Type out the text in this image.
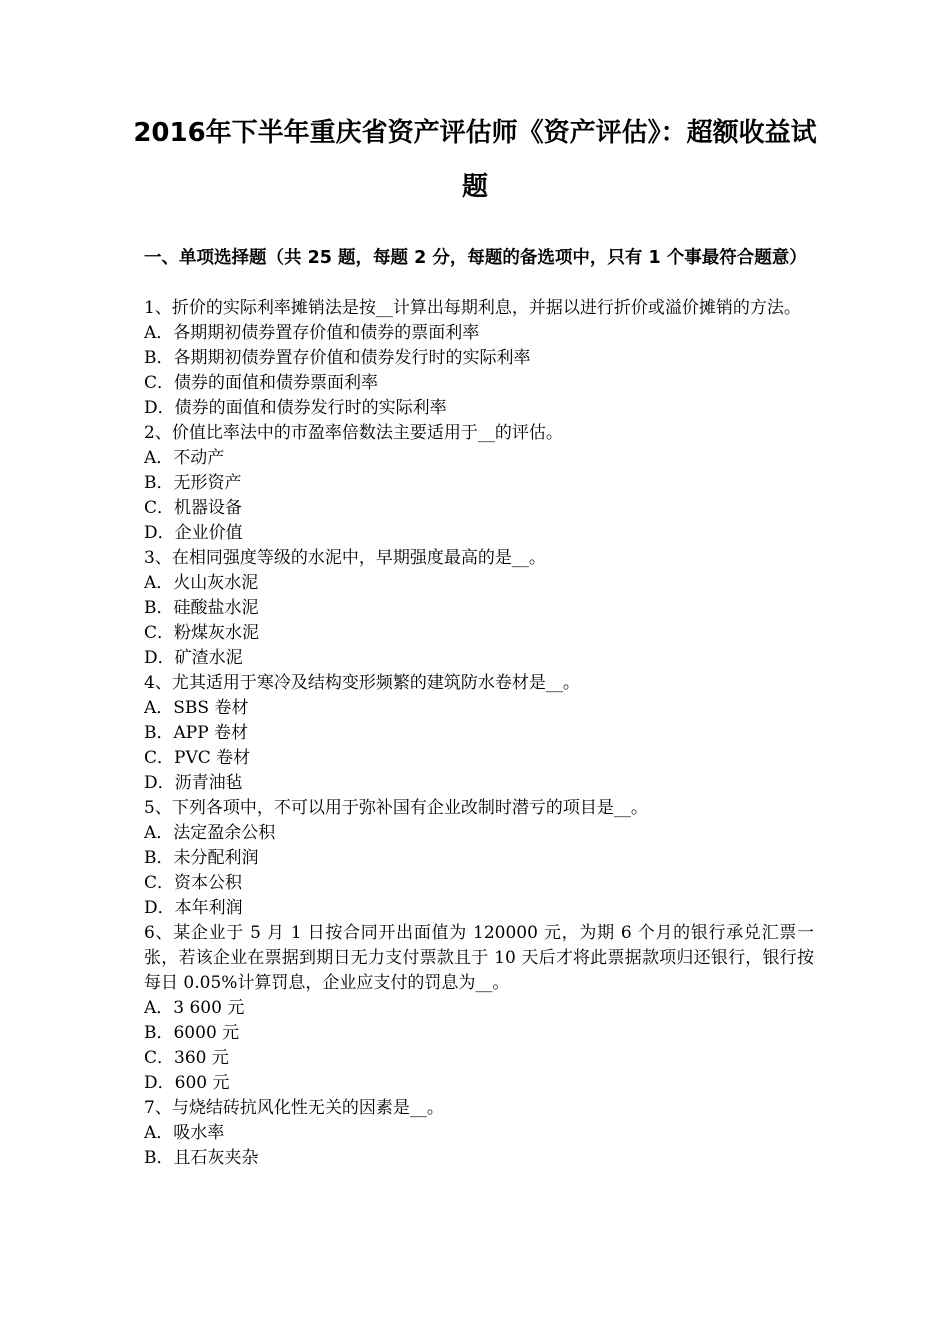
2016年下半年重庆省资产评估师《资产评估》：超额收益试
题
一、单项选择题（共 25 题，每题 2 分，每题的备选项中，只有 1 个事最符合题意）
1、折价的实际利率摊销法是按__计算出每期利息，并据以进行折价或溢价摊销的方法。
A．各期期初债券置存价值和债券的票面利率
B．各期期初债券置存价值和债券发行时的实际利率
C．债券的面值和债券票面利率
D．债券的面值和债券发行时的实际利率
2、价值比率法中的市盈率倍数法主要适用于__的评估。
A．不动产
B．无形资产
C．机器设备
D．企业价值
3、在相同强度等级的水泥中，早期强度最高的是__。
A．火山灰水泥
B．硅酸盐水泥
C．粉煤灰水泥
D．矿渣水泥
4、尤其适用于寒冷及结构变形频繁的建筑防水卷材是__。
A．SBS 卷材
B．APP 卷材
C．PVC 卷材
D．沥青油毡
5、下列各项中，不可以用于弥补国有企业改制时潜亏的项目是__。
A．法定盈余公积
B．未分配利润
C．资本公积
D．本年利润
6、某企业于 5 月 1 日按合同开出面值为 120000 元，为期 6 个月的银行承兑汇票一张，若该企业在票据到期日无力支付票款且于 10 天后才将此票据款项归还银行，银行按每日 0.05%计算罚息，企业应支付的罚息为__。
A．3 600 元
B．6000 元
C．360 元
D．600 元
7、与烧结砖抗风化性无关的因素是__。
A．吸水率
B．且石灰夹杂
